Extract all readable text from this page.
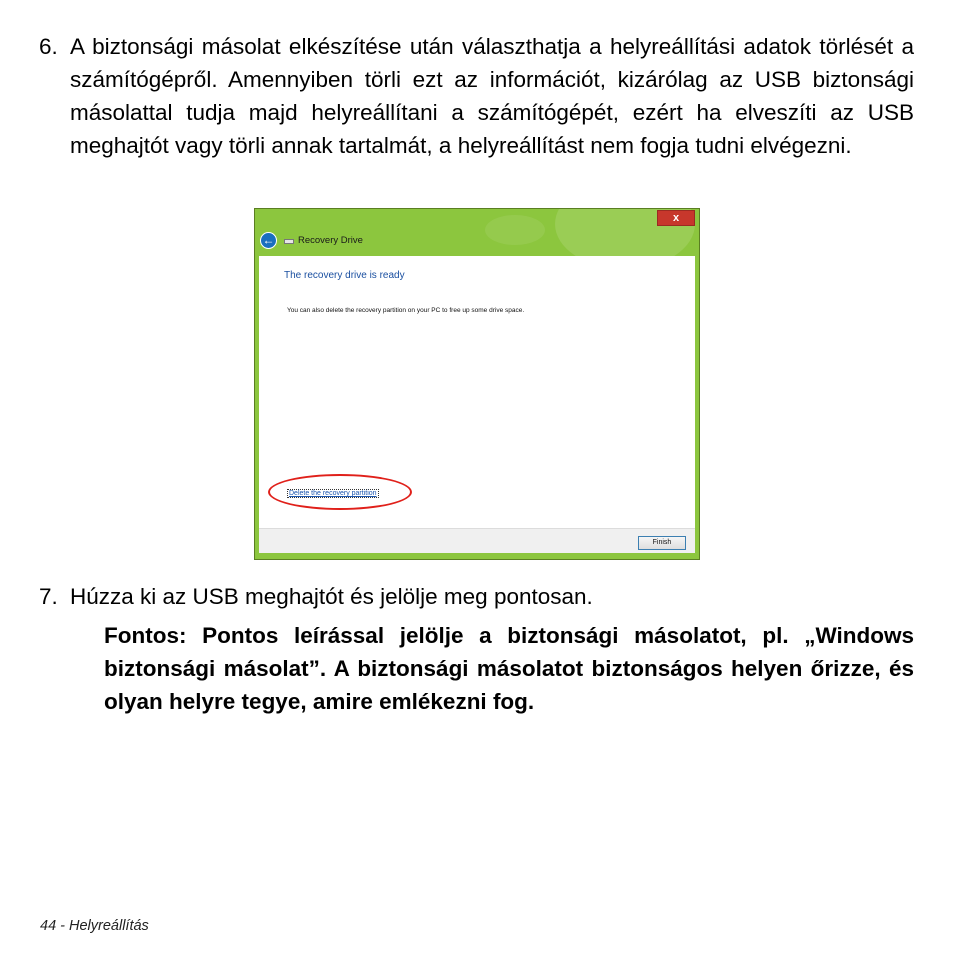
6. A biztonsági másolat elkészítése után választhatja a helyreállítási adatok törlését a számítógépről. Amennyiben törli ezt az információt, kizárólag az USB biztonsági másolattal tudja majd helyreállítani a számítógépét, ezért ha elveszíti az USB meghajtót vagy törli annak tartalmát, a helyreállítást nem fogja tudni elvégezni.
x
← Recovery Drive
The recovery drive is ready
You can also delete the recovery partition on your PC to free up some drive space.
Delete the recovery partition
Finish
7. Húzza ki az USB meghajtót és jelölje meg pontosan.
Fontos: Pontos leírással jelölje a biztonsági másolatot, pl. „Windows biztonsági másolat”. A biztonsági másolatot biztonságos helyen őrizze, és olyan helyre tegye, amire emlékezni fog.
44 - Helyreállítás
